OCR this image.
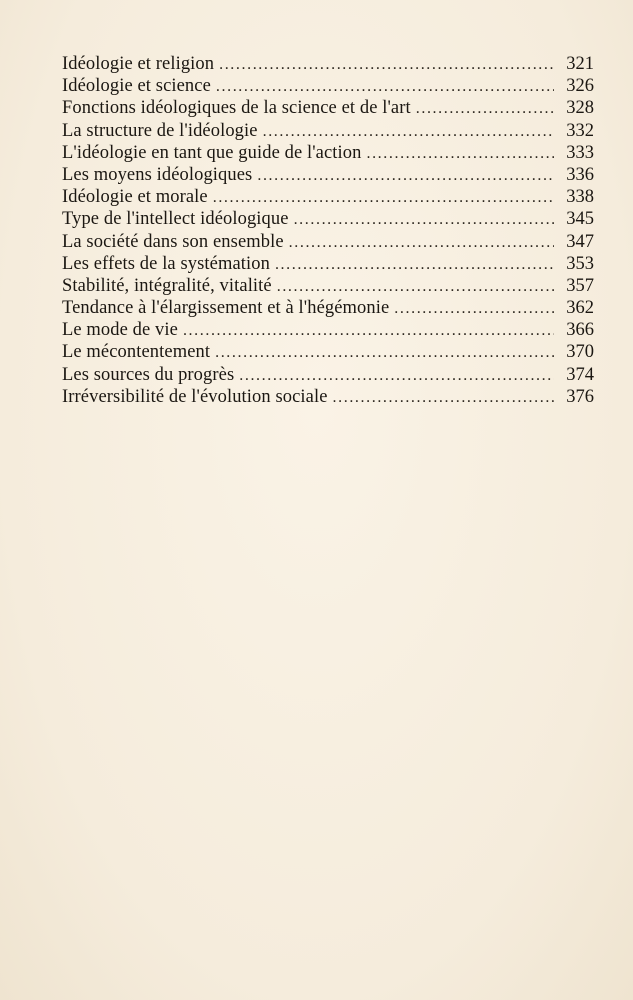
Idéologie et religion . . .	321
Idéologie et science . . .	326
Fonctions idéologiques de la science et de l'art . . .	328
La structure de l'idéologie . . .	332
L'idéologie en tant que guide de l'action . . .	333
Les moyens idéologiques . . .	336
Idéologie et morale . . .	338
Type de l'intellect idéologique . . .	345
La société dans son ensemble . . .	347
Les effets de la systémation . . .	353
Stabilité, intégralité, vitalité . . .	357
Tendance à l'élargissement et à l'hégémonie . . .	362
Le mode de vie . . .	366
Le mécontentement . . .	370
Les sources du progrès . . .	374
Irréversibilité de l'évolution sociale . . .	376
